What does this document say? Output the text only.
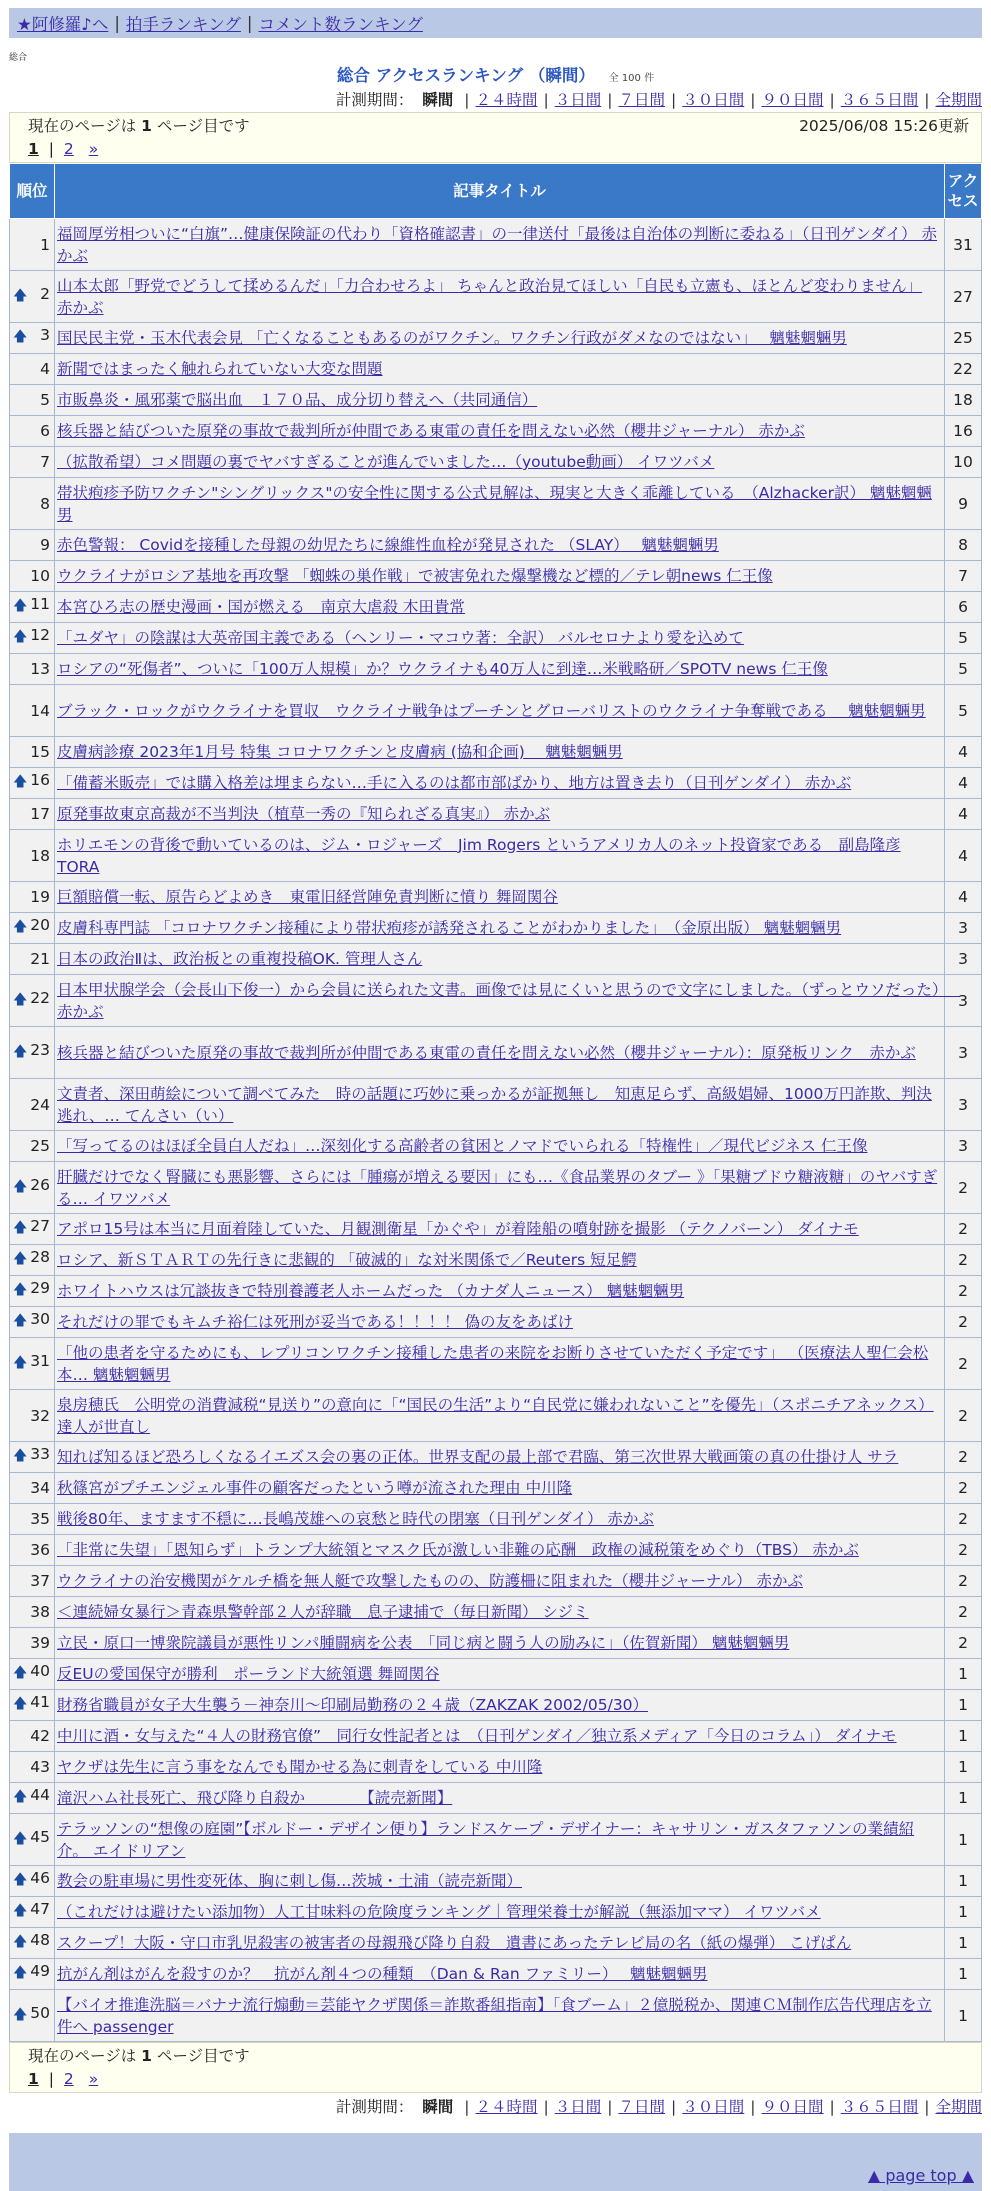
★阿修羅♪へ | 拍手ランキング | コメント数ランキング
総合
総合 アクセスランキング （瞬間） 全 100 件
計測期間： 瞬間 | ２４時間 | ３日間 | ７日間 | ３０日間 | ９０日間 | ３６５日間 | 全期間
現在のページは 1 ページ目です	2025/06/08 15:26更新
1 | 2 »
順位	記事タイトル	アクセス
1	福岡厚労相ついに“白旗”…健康保険証の代わり「資格確認書」の一律送付「最後は自治体の判断に委ねる」（日刊ゲンダイ） 赤かぶ	31

🡅 2	山本太郎「野党でどうして揉めるんだ」「力合わせろよ」 ちゃんと政治見てほしい「自民も立憲も、ほとんど変わりません」 赤かぶ	27

🡅 3	国民民主党・玉木代表会見 「亡くなることもあるのがワクチン。ワクチン行政がダメなのではない」　 魑魅魍魎男	25
4	新聞ではまったく触れられていない大変な問題	22
5	市販鼻炎・風邪薬で脳出血　１７０品、成分切り替えへ（共同通信）	18
6	核兵器と結びついた原発の事故で裁判所が仲間である東電の責任を問えない必然（櫻井ジャーナル） 赤かぶ	16
7	（拡散希望）コメ問題の裏でヤバすぎることが進んでいました…（youtube動画） イワツバメ	10
8	帯状疱疹予防ワクチン"シングリックス"の安全性に関する公式見解は、現実と大きく乖離している　（Alzhacker訳） 魑魅魍魎男	9
9	赤色警報： Covidを接種した母親の幼児たちに線維性血栓が発見された （SLAY）　 魑魅魍魎男	8
10	ウクライナがロシア基地を再攻撃 「蜘蛛の巣作戦」で被害免れた爆撃機など標的／テレ朝news 仁王像	7

🡅 11	本宮ひろ志の歴史漫画・国が燃える　南京大虐殺 木田貴常	6

🡅 12	「ユダヤ」の陰謀は大英帝国主義である（ヘンリー・マコウ著：全訳） バルセロナより愛を込めて	5
13	ロシアの“死傷者”、ついに「100万人規模」か？ウクライナも40万人に到達…米戦略研／SPOTV news 仁王像	5
14	ブラック・ロックがウクライナを買収　ウクライナ戦争はプーチンとグローバリストのウクライナ争奪戦である　 魑魅魍魎男	5
15	皮膚病診療 2023年1月号 特集 コロナワクチンと皮膚病 (協和企画)　 魑魅魍魎男	4

🡅 16	「備蓄米販売」では購入格差は埋まらない…手に入るのは都市部ばかり、地方は置き去り（日刊ゲンダイ） 赤かぶ	4
17	原発事故東京高裁が不当判決（植草一秀の『知られざる真実』） 赤かぶ	4
18	ホリエモンの背後で動いているのは、ジム・ロジャーズ　Jim Rogers というアメリカ人のネット投資家である　副島隆彦 TORA	4
19	巨額賠償一転、原告らどよめき　東電旧経営陣免責判断に憤り 舞岡関谷	4

🡅 20	皮膚科専門誌 「コロナワクチン接種により帯状疱疹が誘発されることがわかりました」　（金原出版） 魑魅魍魎男	3
21	日本の政治Ⅱは、政治板との重複投稿OK. 管理人さん	3

🡅 22	日本甲状腺学会（会長山下俊一）から会員に送られた文書。画像では見にくいと思うので文字にしました。（ずっとウソだった）　 赤かぶ	3

🡅 23	核兵器と結びついた原発の事故で裁判所が仲間である東電の責任を問えない必然（櫻井ジャーナル）：原発板リンク　赤かぶ	3
24	文責者、深田萌絵について調べてみた　時の話題に巧妙に乗っかるが証拠無し　知恵足らず、高級娼婦、1000万円詐欺、判決逃れ、… てんさい（い）	3
25	「写ってるのはほぼ全員白人だね」…深刻化する高齢者の貧困とノマドでいられる「特権性」／現代ビジネス 仁王像	3

🡅 26	肝臓だけでなく腎臓にも悪影響、さらには「腫瘍が増える要因」にも…《食品業界のタブー 》「果糖ブドウ糖液糖」のヤバすぎる… イワツバメ	2

🡅 27	アポロ15号は本当に月面着陸していた、月観測衛星「かぐや」が着陸船の噴射跡を撮影 （テクノバーン） ダイナモ	2

🡅 28	ロシア、新ＳＴＡＲＴの先行きに悲観的 「破滅的」な対米関係で／Reuters 短足鰐	2

🡅 29	ホワイトハウスは冗談抜きで特別養護老人ホームだった （カナダ人ニュース） 魑魅魍魎男	2

🡅 30	それだけの罪でもキムチ裕仁は死刑が妥当である！！！！ 偽の友をあばけ	2

🡅 31	「他の患者を守るためにも、レプリコンワクチン接種した患者の来院をお断りさせていただく予定です」 （医療法人聖仁会松本… 魑魅魍魎男	2
32	泉房穂氏　公明党の消費減税“見送り”の意向に「“国民の生活”より“自民党に嫌われないこと”を優先」（スポニチアネックス） 達人が世直し	2

🡅 33	知れば知るほど恐ろしくなるイエズス会の裏の正体。世界支配の最上部で君臨、第三次世界大戦画策の真の仕掛け人 サラ	2
34	秋篠宮がプチエンジェル事件の顧客だったという噂が流された理由 中川隆	2
35	戦後80年、ますます不穏に…長嶋茂雄への哀愁と時代の閉塞（日刊ゲンダイ） 赤かぶ	2
36	「非常に失望」「恩知らず」トランプ大統領とマスク氏が激しい非難の応酬　政権の減税策をめぐり（TBS） 赤かぶ	2
37	ウクライナの治安機関がケルチ橋を無人艇で攻撃したものの、防護柵に阻まれた（櫻井ジャーナル） 赤かぶ	2
38	＜連続婦女暴行＞青森県警幹部２人が辞職　息子逮捕で（毎日新聞） シジミ	2
39	立民・原口一博衆院議員が悪性リンパ腫闘病を公表　「同じ病と闘う人の励みに」（佐賀新聞） 魑魅魍魎男	2

🡅 40	反EUの愛国保守が勝利　ポーランド大統領選 舞岡関谷	1

🡅 41	財務省職員が女子大生襲う－神奈川～印刷局勤務の２４歳（ZAKZAK 2002/05/30）	1
42	中川に酒・女与えた“４人の財務官僚”　同行女性記者とは　（日刊ゲンダイ／独立系メディア「今日のコラム」） ダイナモ	1
43	ヤクザは先生に言う事をなんでも聞かせる為に刺青をしている 中川隆	1

🡅 44	滝沢ハム社長死亡、飛び降り自殺か　　　　【読売新聞】	1

🡅 45	テラッソンの“想像の庭園”【ボルドー・デザイン便り】ランドスケープ・デザイナー：キャサリン・ガスタファソンの業績紹介。 エイドリアン	1

🡅 46	教会の駐車場に男性変死体、胸に刺し傷…茨城・土浦（読売新聞）	1

🡅 47	（これだけは避けたい添加物）人工甘味料の危険度ランキング｜管理栄養士が解説（無添加ママ） イワツバメ	1

🡅 48	スクープ！大阪・守口市乳児殺害の被害者の母親飛び降り自殺　遺書にあったテレビ局の名（紙の爆弾） こげぱん	1

🡅 49	抗がん剤はがんを殺すのか？　抗がん剤４つの種類　（Dan & Ran ファミリー）　 魑魅魍魎男	1

🡅 50	【バイオ推進洗脳＝バナナ流行煽動＝芸能ヤクザ関係＝詐欺番組指南】「食ブーム」２億脱税か、関連ＣＭ制作広告代理店を立件へ passenger	1
現在のページは 1 ページ目です
1 | 2 »
計測期間： 瞬間 | ２４時間 | ３日間 | ７日間 | ３０日間 | ９０日間 | ３６５日間 | 全期間
▲ page top ▲
